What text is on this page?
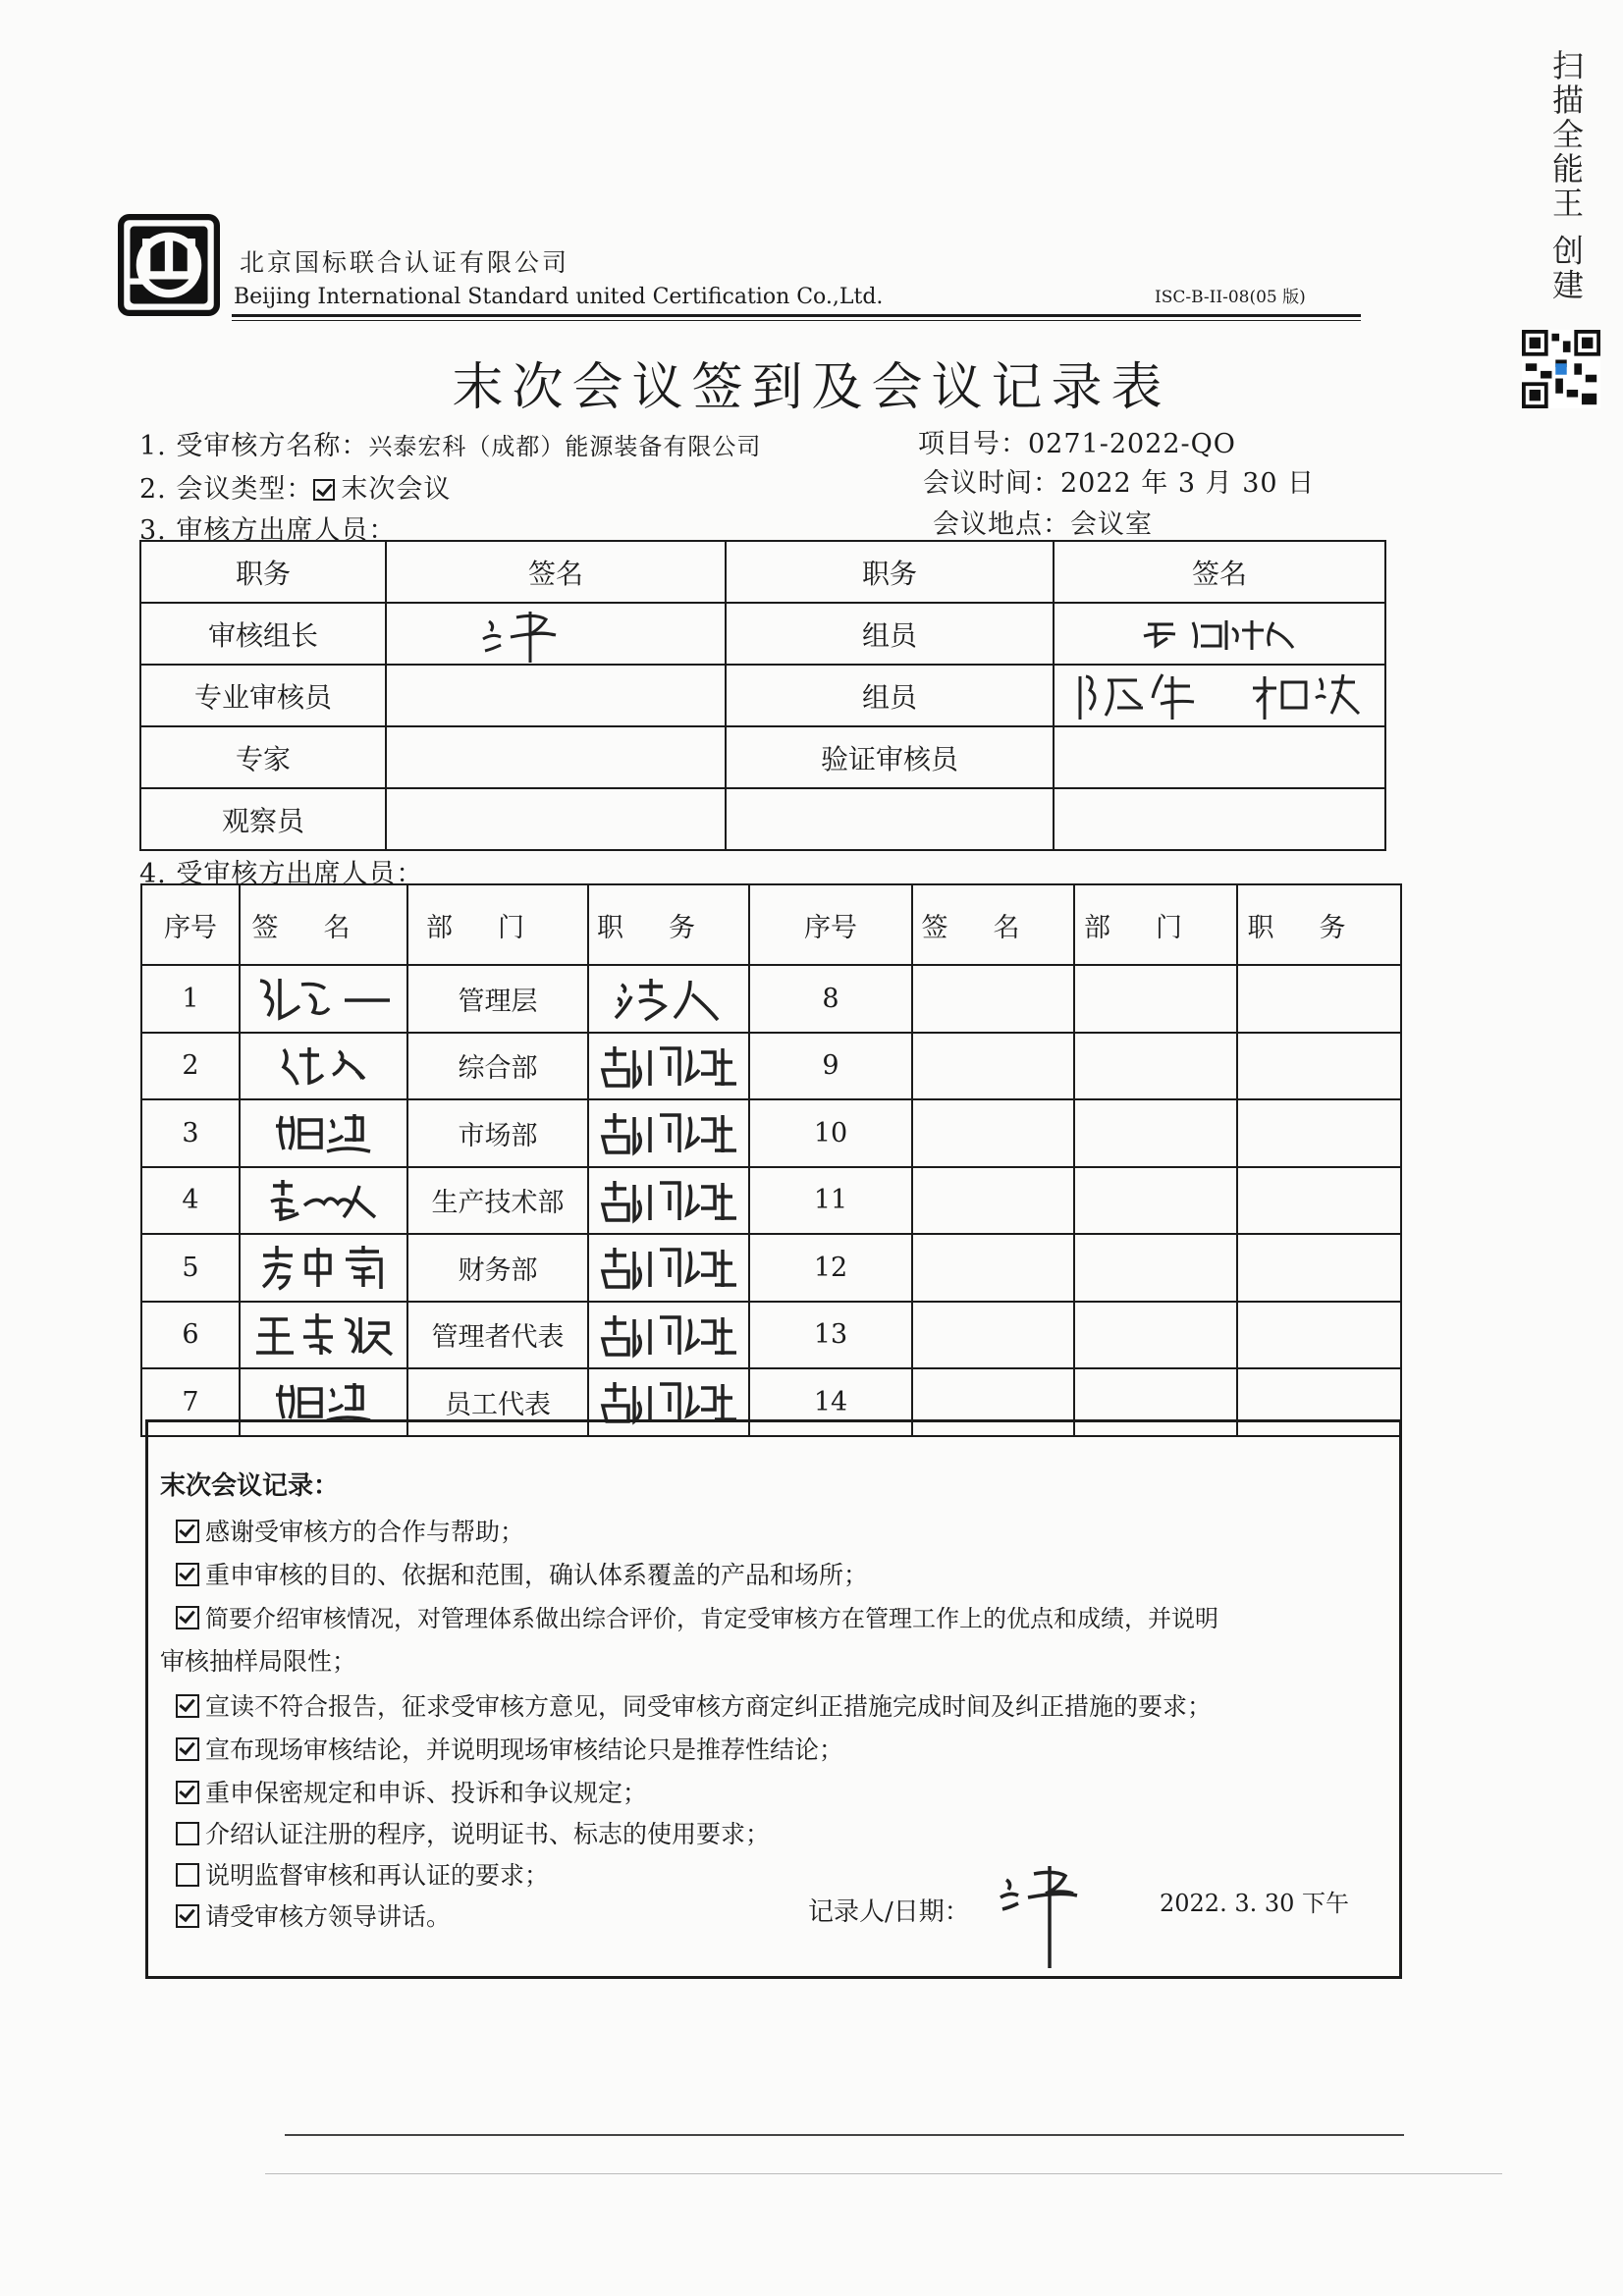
扫描全能王 创建
北京国标联合认证有限公司
Beijing International Standard united Certification Co.,Ltd.	ISC-B-II-08(05 版)
末次会议签到及会议记录表
1. 受审核方名称：兴泰宏科（成都）能源装备有限公司	项目号：0271-2022-QO
2. 会议类型： 末次会议	会议时间：2022 年 3 月 30 日
3. 审核方出席人员：	会议地点：会议室
职务	签名	职务	签名
审核组长		组员	

专业审核员		组员	

专家		验证审核员	
观察员			
4. 受审核方出席人员：
序号	签名	部门	职务	序号	签名	部门	职务
1		管理层		8			
2		综合部		9			
3		市场部		10			
4		生产技术部		11			
5		财务部		12			
6		管理者代表		13			
7		员工代表		14			
末次会议记录：
感谢受审核方的合作与帮助；
重申审核的目的、依据和范围，确认体系覆盖的产品和场所；
简要介绍审核情况，对管理体系做出综合评价，肯定受审核方在管理工作上的优点和成绩，并说明
审核抽样局限性；
宣读不符合报告，征求受审核方意见，同受审核方商定纠正措施完成时间及纠正措施的要求；
宣布现场审核结论，并说明现场审核结论只是推荐性结论；
重申保密规定和申诉、投诉和争议规定；
介绍认证注册的程序，说明证书、标志的使用要求；
说明监督审核和再认证的要求；
请受审核方领导讲话。	记录人/日期：	2022. 3. 30 下午
